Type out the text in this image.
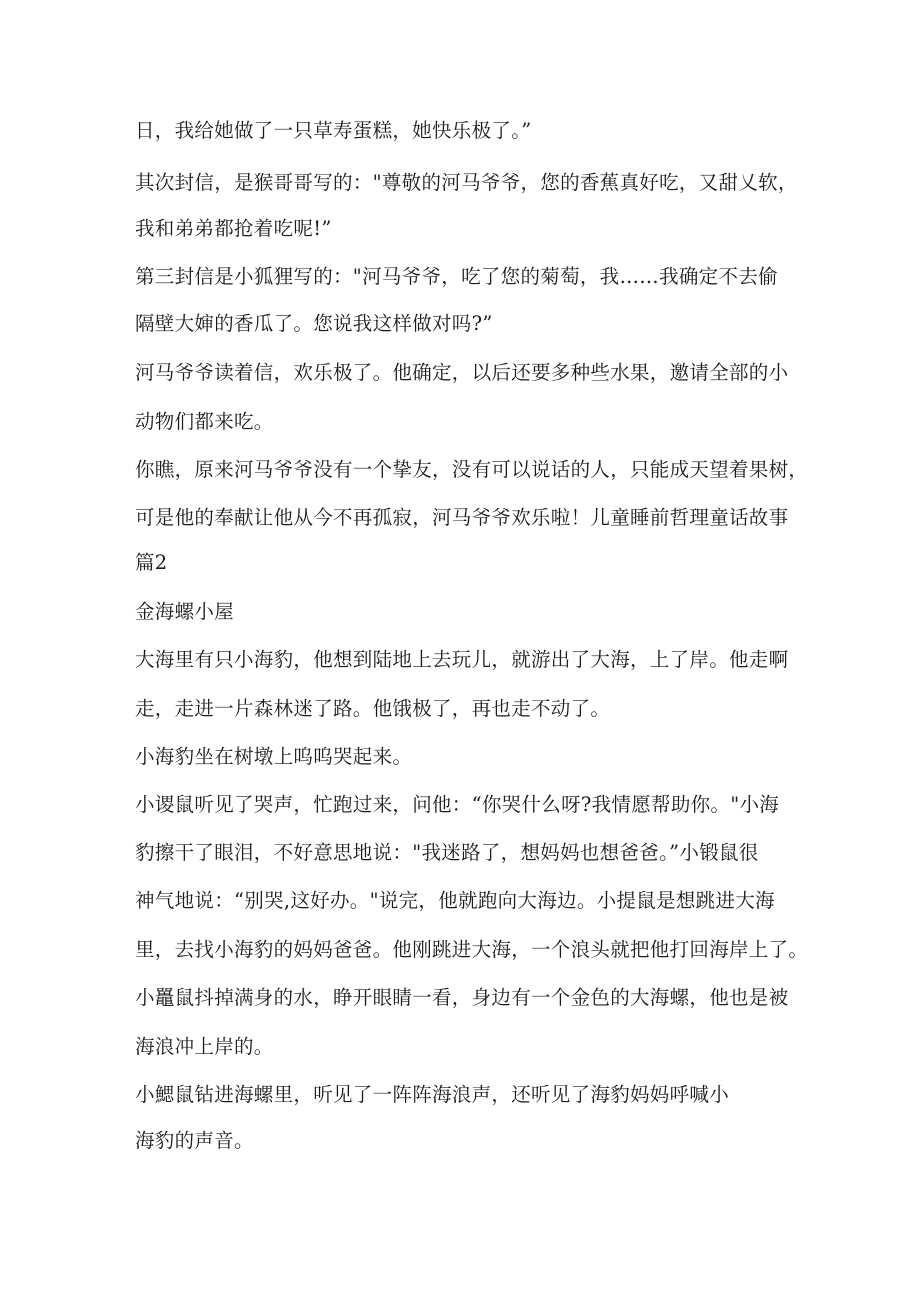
日，我给她做了一只草寿蛋糕，她快乐极了。”
其次封信，是猴哥哥写的："尊敬的河马爷爷，您的香蕉真好吃，又甜乂软，
我和弟弟都抢着吃呢!”
第三封信是小狐狸写的："河马爷爷，吃了您的菊萄，我……我确定不去偷
隔壁大婶的香瓜了。您说我这样做对吗?”
河马爷爷读着信，欢乐极了。他确定，以后还要多种些水果，邀请全部的小
动物们都来吃。
你瞧，原来河马爷爷没有一个挚友，没有可以说话的人，只能成天望着果树，
可是他的奉献让他从今不再孤寂，河马爷爷欢乐啦！儿童睡前哲理童话故事
篇2
金海螺小屋
大海里有只小海豹，他想到陆地上去玩儿，就游出了大海，上了岸。他走啊
走，走进一片森林迷了路。他饿极了，再也走不动了。
小海豹坐在树墩上呜呜哭起来。
小谡鼠听见了哭声，忙跑过来，问他：“你哭什么呀?我情愿帮助你。"小海
豹擦干了眼泪，不好意思地说："我迷路了，想妈妈也想爸爸。”小锻鼠很
神气地说：“别哭,这好办。"说完，他就跑向大海边。小提鼠是想跳进大海
里，去找小海豹的妈妈爸爸。他刚跳进大海，一个浪头就把他打回海岸上了。
小鼉鼠抖掉满身的水，睁开眼睛一看，身边有一个金色的大海螺，他也是被
海浪冲上岸的。
小鰓鼠钻进海螺里，听见了一阵阵海浪声，还听见了海豹妈妈呼喊小
海豹的声音。
